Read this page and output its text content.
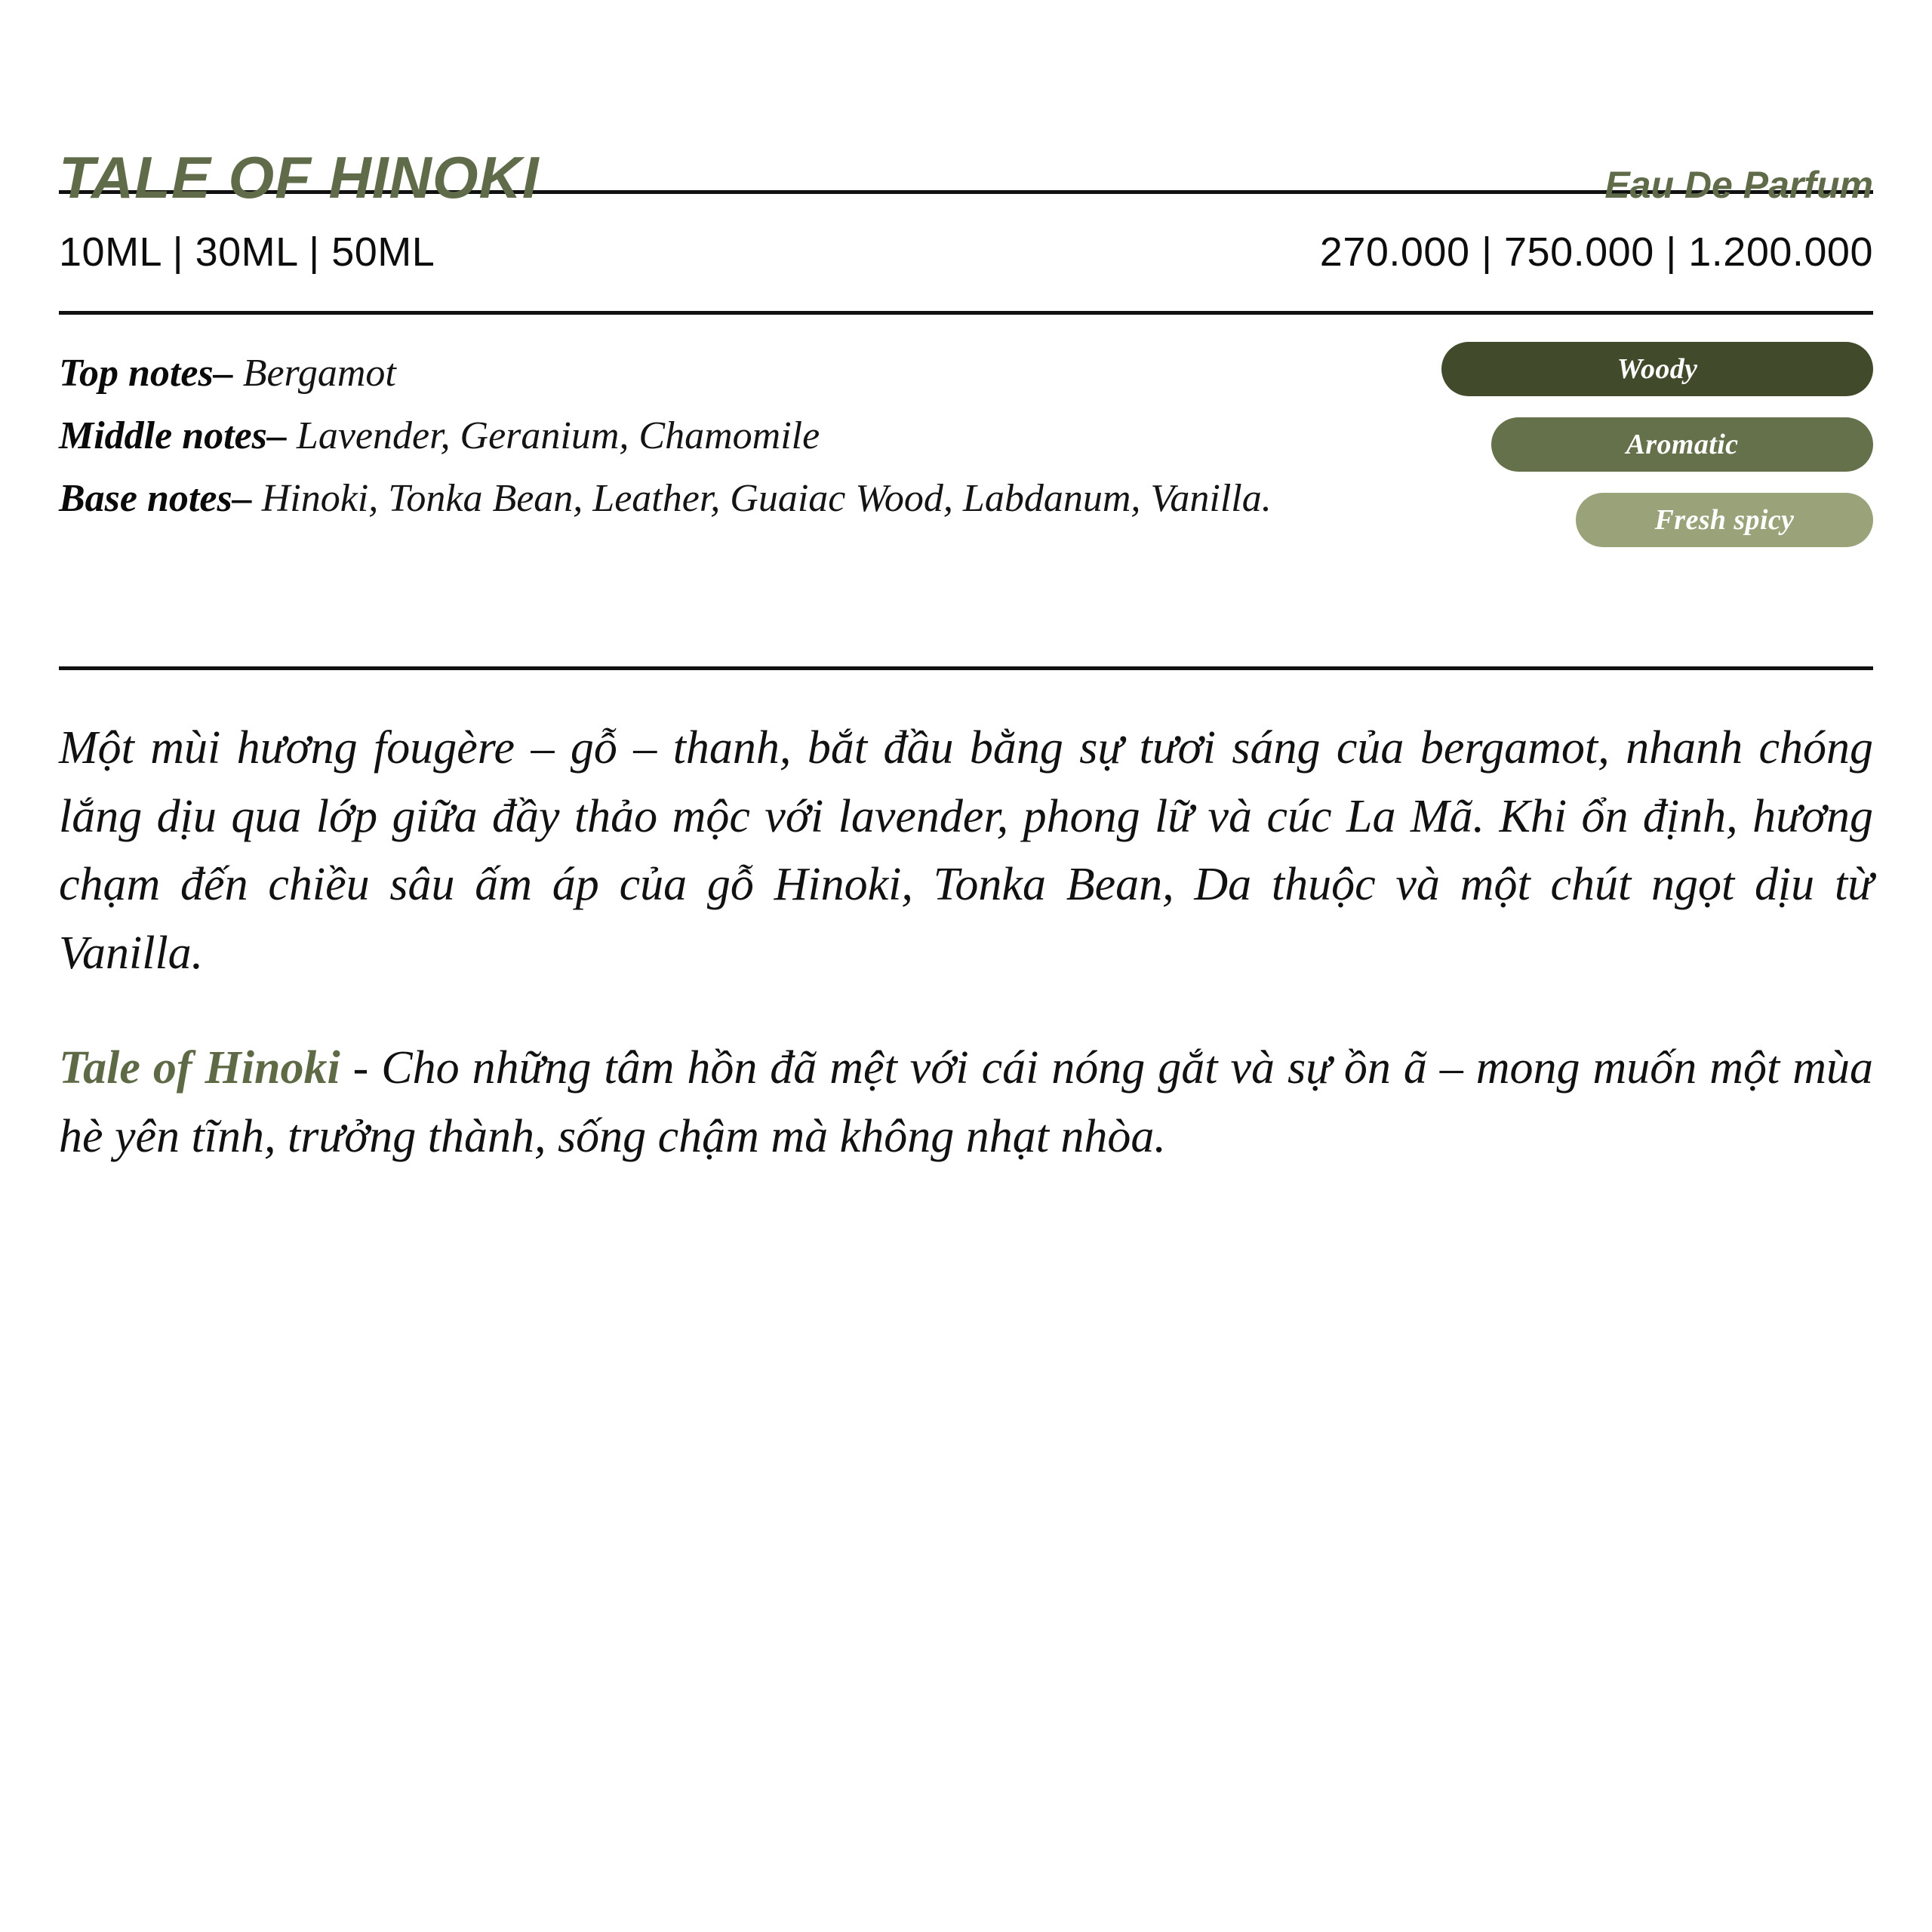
TALE OF HINOKI	Eau De Parfum
10ML | 30ML | 50ML	270.000 | 750.000 | 1.200.000
Top notes– Bergamot
Middle notes– Lavender, Geranium, Chamomile
Base notes– Hinoki, Tonka Bean, Leather, Guaiac Wood, Labdanum, Vanilla.
Woody
Aromatic
Fresh spicy

Một mùi hương fougère – gỗ – thanh, bắt đầu bằng sự tươi sáng của bergamot, nhanh chóng lắng dịu qua lớp giữa đầy thảo mộc với lavender, phong lữ và cúc La Mã. Khi ổn định, hương chạm đến chiều sâu ấm áp của gỗ Hinoki, Tonka Bean, Da thuộc và một chút ngọt dịu từ Vanilla.

Tale of Hinoki - Cho những tâm hồn đã mệt với cái nóng gắt và sự ồn ã – mong muốn một mùa hè yên tĩnh, trưởng thành, sống chậm mà không nhạt nhòa.
